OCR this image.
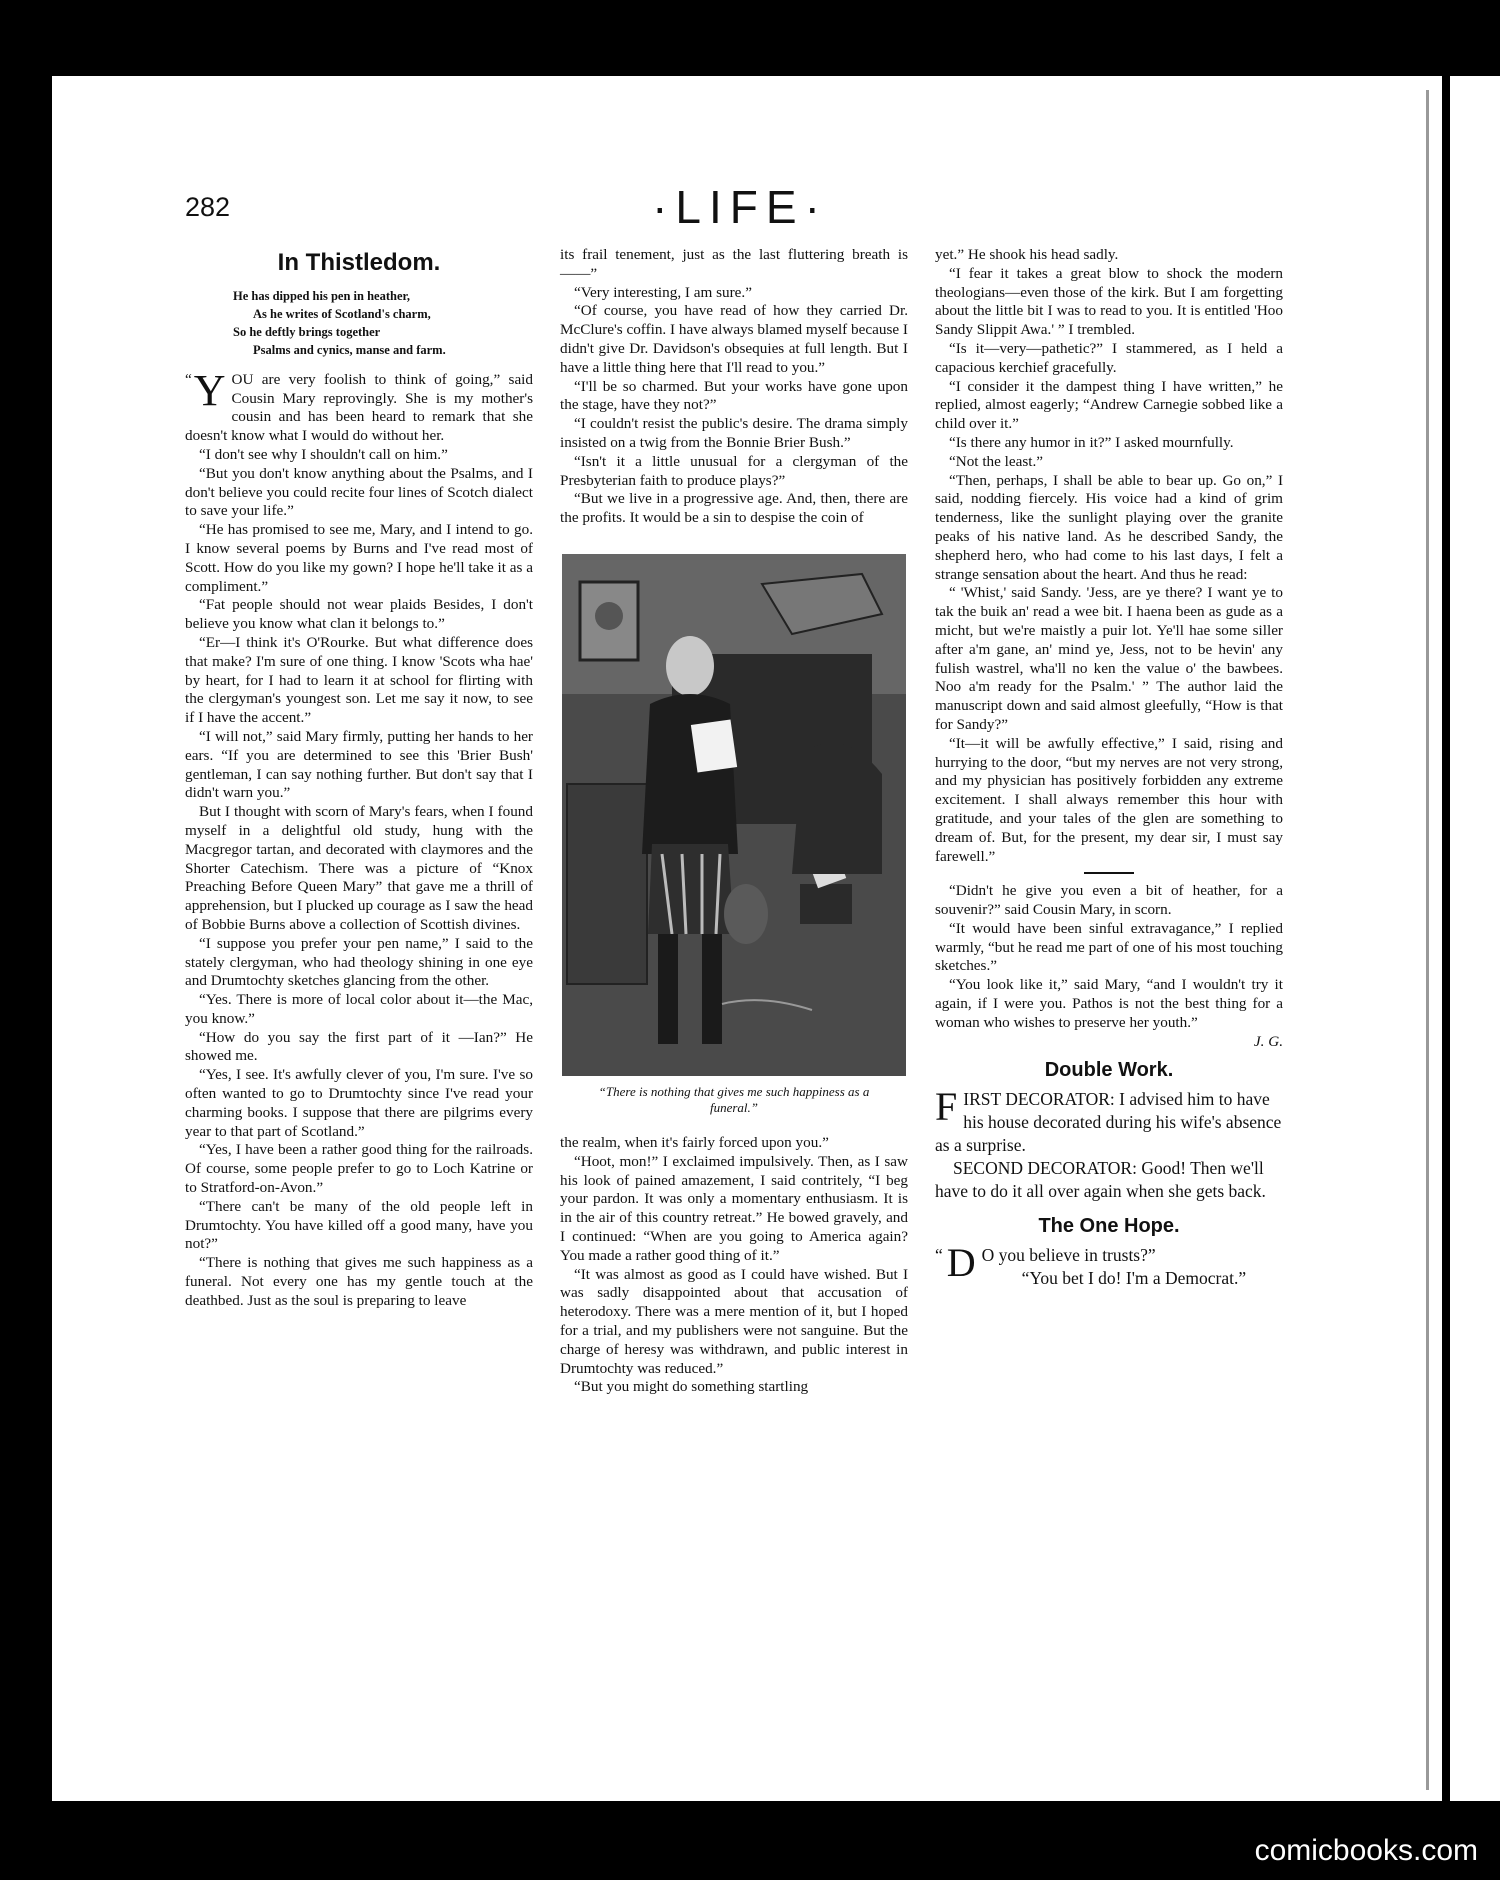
282	·LIFE·
In Thistledom.
He has dipped his pen in heather,
As he writes of Scotland's charm,
So he deftly brings together
Psalms and cynics, manse and farm.

“ Y OU are very foolish to think of going,” said Cousin Mary reprovingly. She is my mother's cousin and has been heard to remark that she doesn't know what I would do without her.

“I don't see why I shouldn't call on him.”

“But you don't know anything about the Psalms, and I don't believe you could recite four lines of Scotch dialect to save your life.”

“He has promised to see me, Mary, and I intend to go. I know several poems by Burns and I've read most of Scott. How do you like my gown? I hope he'll take it as a compliment.”

“Fat people should not wear plaids Besides, I don't believe you know what clan it belongs to.”

“Er—I think it's O'Rourke. But what difference does that make? I'm sure of one thing. I know 'Scots wha hae' by heart, for I had to learn it at school for flirting with the clergyman's youngest son. Let me say it now, to see if I have the accent.”

“I will not,” said Mary firmly, putting her hands to her ears. “If you are determined to see this 'Brier Bush' gentleman, I can say nothing further. But don't say that I didn't warn you.”

But I thought with scorn of Mary's fears, when I found myself in a delightful old study, hung with the Macgregor tartan, and decorated with claymores and the Shorter Catechism. There was a picture of “Knox Preaching Before Queen Mary” that gave me a thrill of apprehension, but I plucked up courage as I saw the head of Bobbie Burns above a collection of Scottish divines.

“I suppose you prefer your pen name,” I said to the stately clergyman, who had theology shining in one eye and Drumtochty sketches glancing from the other.

“Yes. There is more of local color about it—the Mac, you know.”

“How do you say the first part of it —Ian?” He showed me.

“Yes, I see. It's awfully clever of you, I'm sure. I've so often wanted to go to Drumtochty since I've read your charming books. I suppose that there are pilgrims every year to that part of Scotland.”

“Yes, I have been a rather good thing for the railroads. Of course, some people prefer to go to Loch Katrine or to Stratford-on-Avon.”

“There can't be many of the old people left in Drumtochty. You have killed off a good many, have you not?”

“There is nothing that gives me such happiness as a funeral. Not every one has my gentle touch at the deathbed. Just as the soul is preparing to leave

its frail tenement, just as the last fluttering breath is——”

“Very interesting, I am sure.”

“Of course, you have read of how they carried Dr. McClure's coffin. I have always blamed myself because I didn't give Dr. Davidson's obsequies at full length. But I have a little thing here that I'll read to you.”

“I'll be so charmed. But your works have gone upon the stage, have they not?”

“I couldn't resist the public's desire. The drama simply insisted on a twig from the Bonnie Brier Bush.”

“Isn't it a little unusual for a clergyman of the Presbyterian faith to produce plays?”

“But we live in a progressive age. And, then, there are the profits. It would be a sin to despise the coin of

“There is nothing that gives me such happiness as a funeral.”

the realm, when it's fairly forced upon you.”

“Hoot, mon!” I exclaimed impulsively. Then, as I saw his look of pained amazement, I said contritely, “I beg your pardon. It was only a momentary enthusiasm. It is in the air of this country retreat.” He bowed gravely, and I continued: “When are you going to America again? You made a rather good thing of it.”

“It was almost as good as I could have wished. But I was sadly disappointed about that accusation of heterodoxy. There was a mere mention of it, but I hoped for a trial, and my publishers were not sanguine. But the charge of heresy was withdrawn, and public interest in Drumtochty was reduced.”

“But you might do something startling

yet.” He shook his head sadly.

“I fear it takes a great blow to shock the modern theologians—even those of the kirk. But I am forgetting about the little bit I was to read to you. It is entitled 'Hoo Sandy Slippit Awa.' ” I trembled.

“Is it—very—pathetic?” I stammered, as I held a capacious kerchief gracefully.

“I consider it the dampest thing I have written,” he replied, almost eagerly; “Andrew Carnegie sobbed like a child over it.”

“Is there any humor in it?” I asked mournfully.

“Not the least.”

“Then, perhaps, I shall be able to bear up. Go on,” I said, nodding fiercely. His voice had a kind of grim tenderness, like the sunlight playing over the granite peaks of his native land. As he described Sandy, the shepherd hero, who had come to his last days, I felt a strange sensation about the heart. And thus he read:

“ 'Whist,' said Sandy. 'Jess, are ye there? I want ye to tak the buik an' read a wee bit. I haena been as gude as a micht, but we're maistly a puir lot. Ye'll hae some siller after a'm gane, an' mind ye, Jess, not to be hevin' any fulish wastrel, wha'll no ken the value o' the bawbees. Noo a'm ready for the Psalm.' ” The author laid the manuscript down and said almost gleefully, “How is that for Sandy?”

“It—it will be awfully effective,” I said, rising and hurrying to the door, “but my nerves are not very strong, and my physician has positively forbidden any extreme excitement. I shall always remember this hour with gratitude, and your tales of the glen are something to dream of. But, for the present, my dear sir, I must say farewell.”

“Didn't he give you even a bit of heather, for a souvenir?” said Cousin Mary, in scorn.

“It would have been sinful extravagance,” I replied warmly, “but he read me part of one of his most touching sketches.”

“You look like it,” said Mary, “and I wouldn't try it again, if I were you. Pathos is not the best thing for a woman who wishes to preserve her youth.”

J. G.
Double Work.

FIRST DECORATOR: I advised him to have his house decorated during his wife's absence as a surprise.

SECOND DECORATOR: Good! Then we'll have to do it all over again when she gets back.

The One Hope.

“ D O you believe in trusts?”

“You bet I do! I'm a Democrat.”

comicbooks.com
